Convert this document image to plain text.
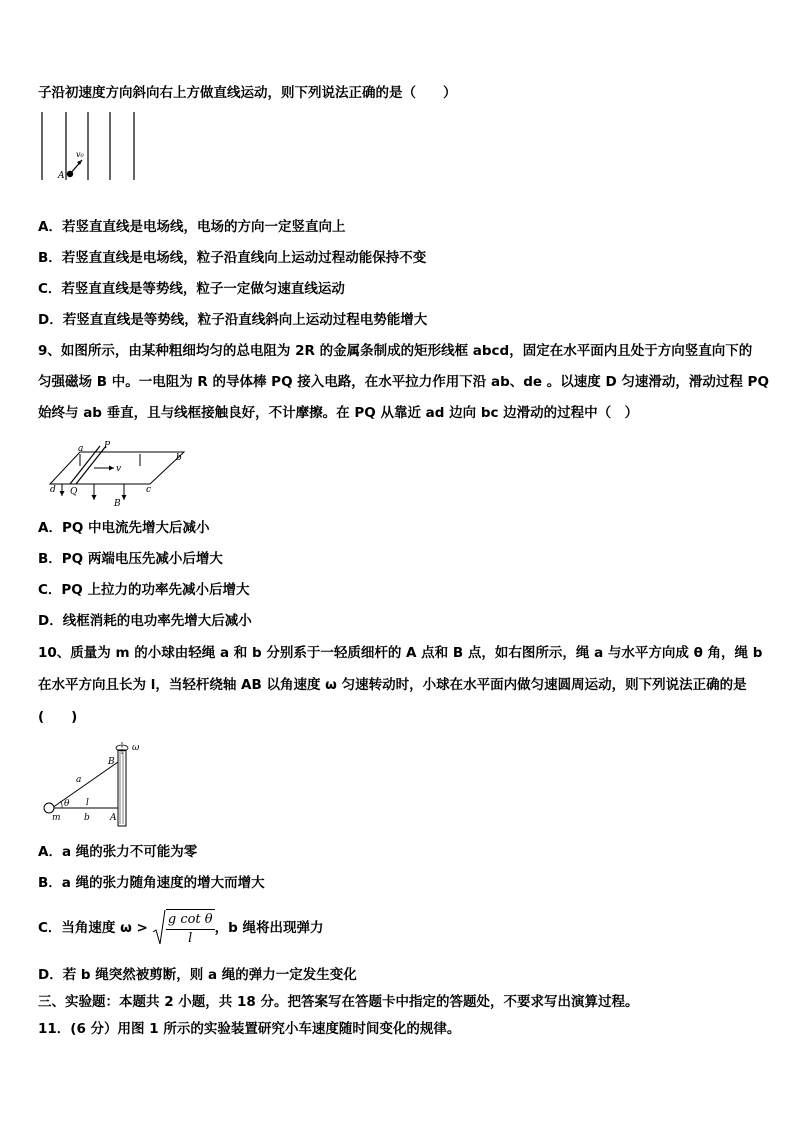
子沿初速度方向斜向右上方做直线运动，则下列说法正确的是（　　）
A
v₀
A．若竖直直线是电场线，电场的方向一定竖直向上
B．若竖直直线是电场线，粒子沿直线向上运动过程动能保持不变
C．若竖直直线是等势线，粒子一定做匀速直线运动
D．若竖直直线是等势线，粒子沿直线斜向上运动过程电势能增大
9、如图所示，由某种粗细均匀的总电阻为 2R 的金属条制成的矩形线框 abcd，固定在水平面内且处于方向竖直向下的
匀强磁场 B 中。一电阻为 R 的导体棒 PQ 接入电路，在水平拉力作用下沿 ab、de 。以速度 D 匀速滑动，滑动过程 PQ
始终与 ab 垂直，且与线框接触良好，不计摩擦。在 PQ 从靠近 ad 边向 bc 边滑动的过程中（　）
a P
b
d Q	c
v
B
A．PQ 中电流先增大后减小
B．PQ 两端电压先减小后增大
C．PQ 上拉力的功率先减小后增大
D．线框消耗的电功率先增大后减小
10、质量为 m 的小球由轻绳 a 和 b 分别系于一轻质细杆的 A 点和 B 点，如右图所示，绳 a 与水平方向成 θ 角，绳 b
在水平方向且长为 l，当轻杆绕轴 AB 以角速度 ω 匀速转动时，小球在水平面内做匀速圆周运动，则下列说法正确的是
(　　)
ω
B
a
θ l
m	b A
A．a 绳的张力不可能为零
B．a 绳的张力随角速度的增大而增大
C．当角速度 $\omega > \frac{\text{g cot θ}}{l}$ ，b 绳将出现弹力
D．若 b 绳突然被剪断，则 a 绳的弹力一定发生变化
三、实验题：本题共 2 小题，共 18 分。把答案写在答题卡中指定的答题处，不要求写出演算过程。
11．(6 分）用图 1 所示的实验装置研究小车速度随时间变化的规律。
